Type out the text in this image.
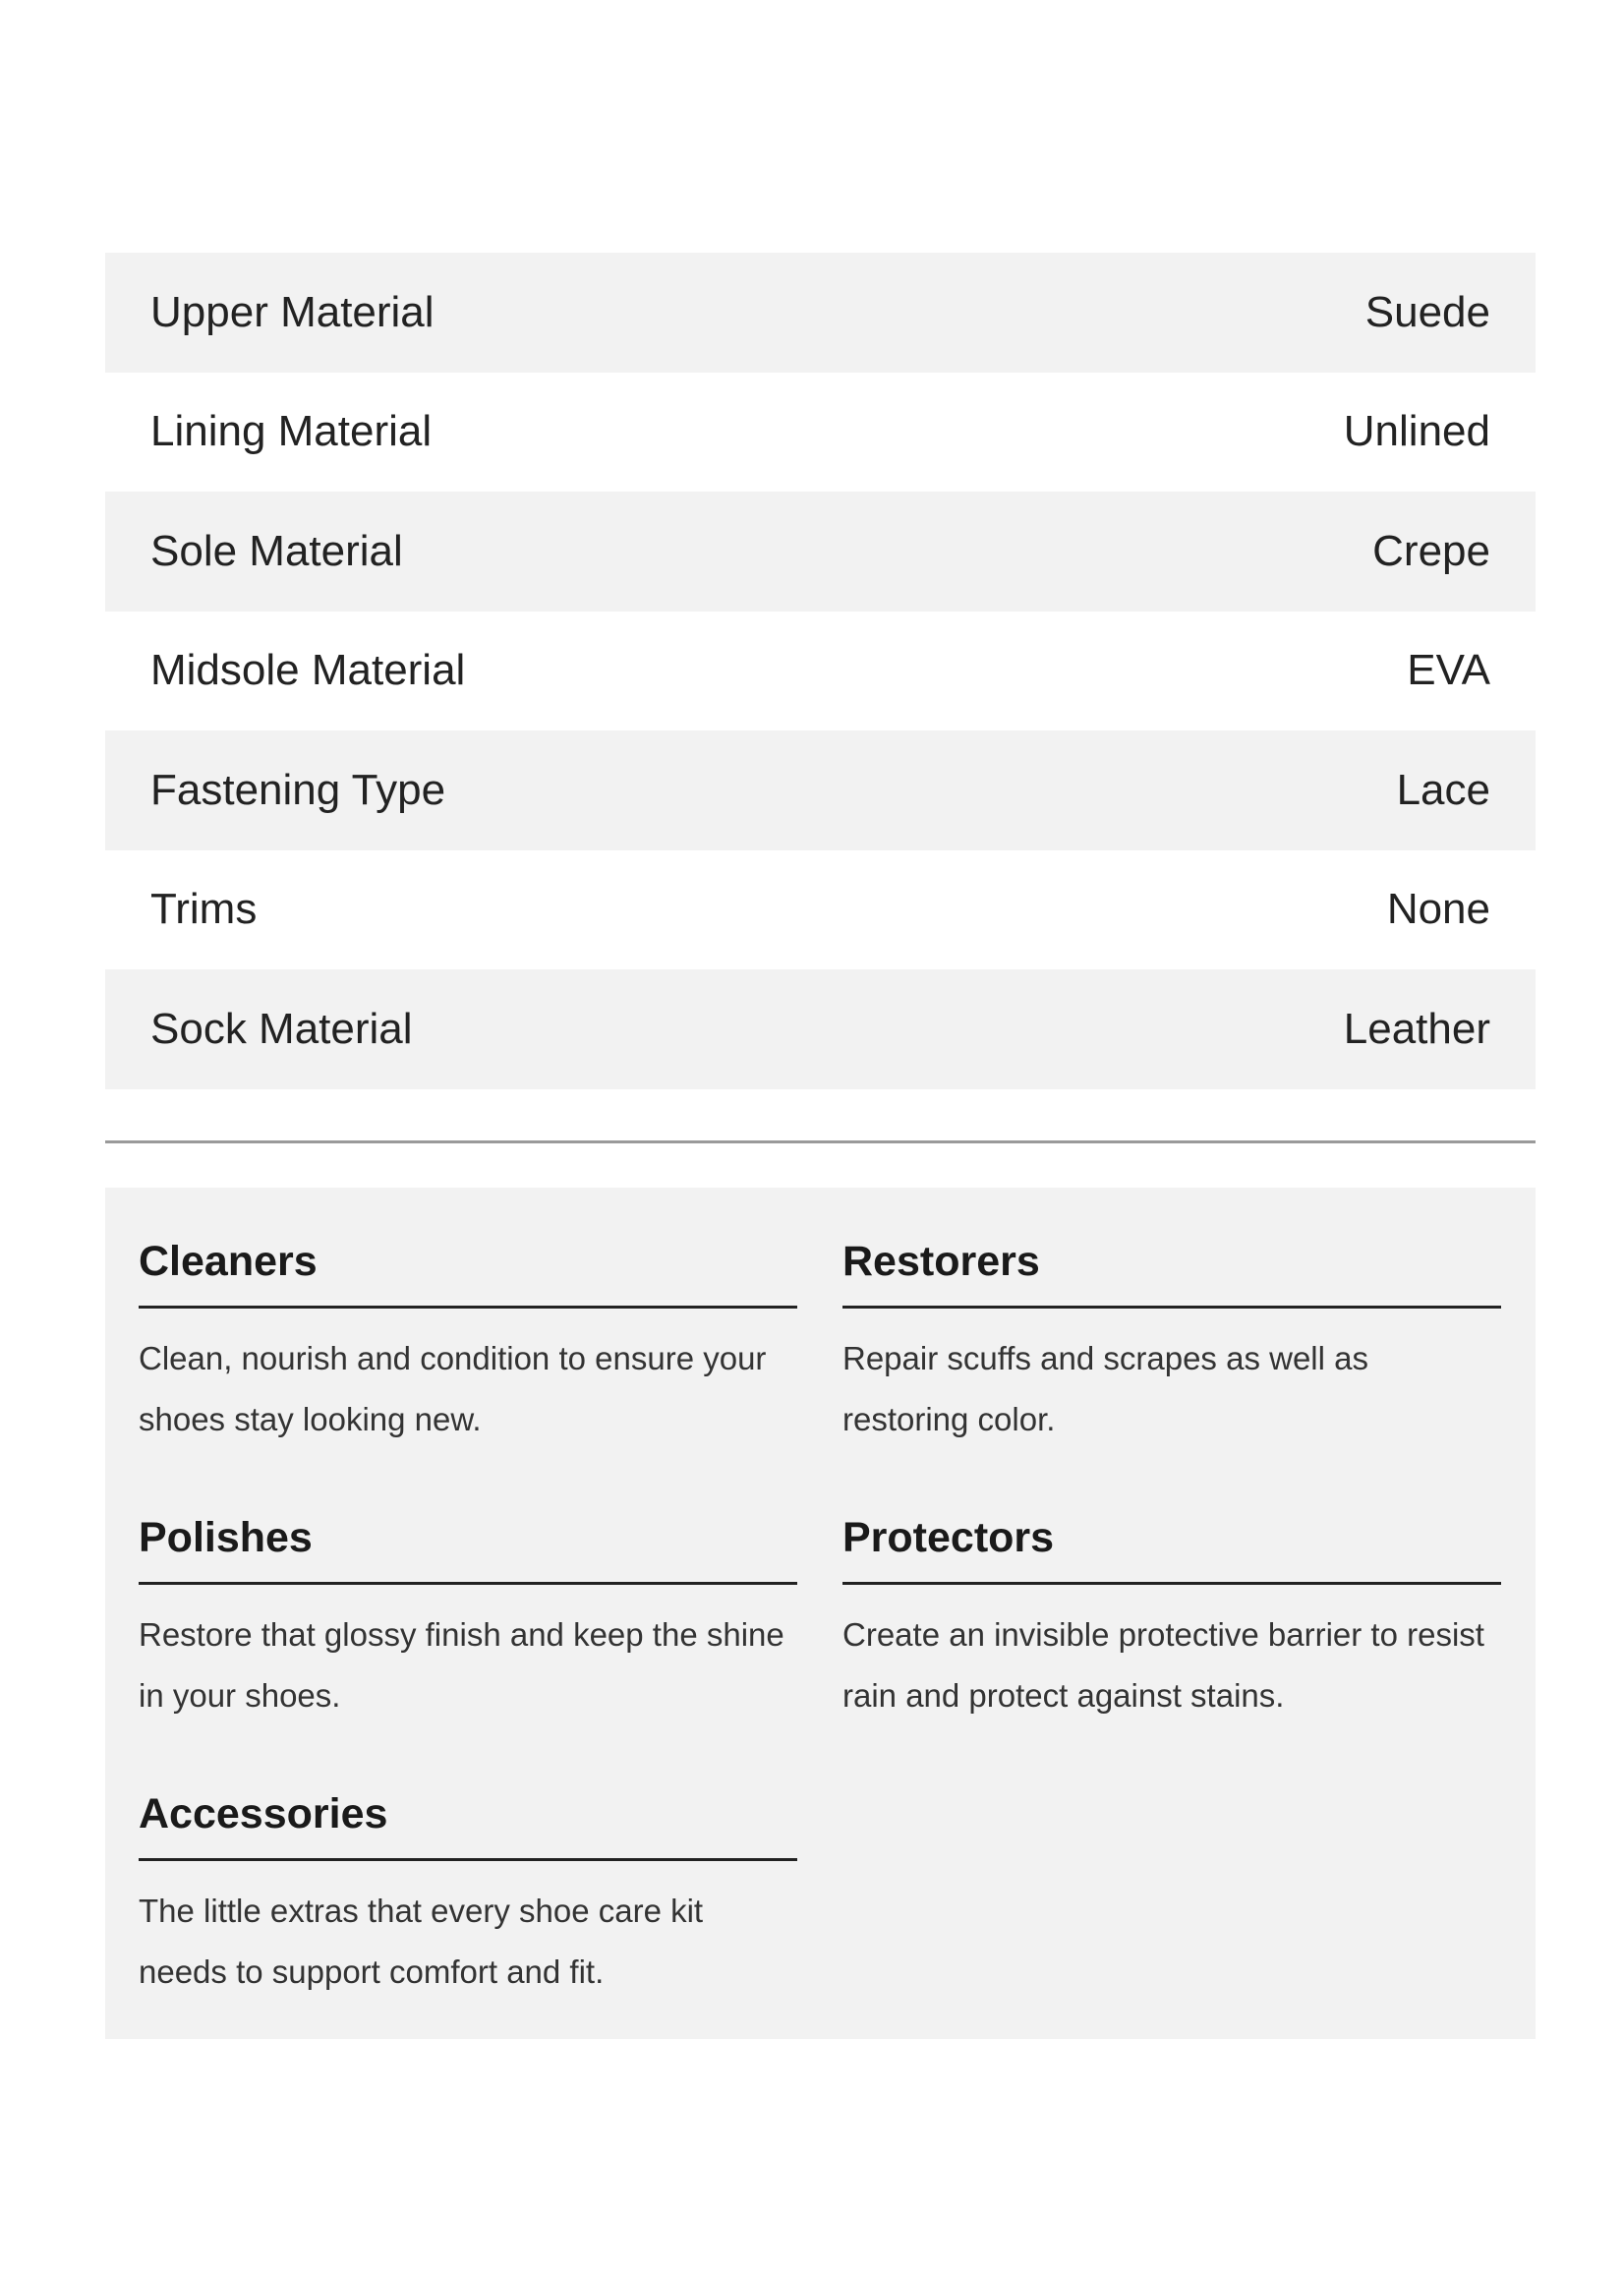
Upper Material	Suede
Lining Material	Unlined
Sole Material	Crepe
Midsole Material	EVA
Fastening Type	Lace
Trims	None
Sock Material	Leather
Cleaners
Clean, nourish and condition to ensure your shoes stay looking new.
Restorers
Repair scuffs and scrapes as well as restoring color.
Polishes
Restore that glossy finish and keep the shine in your shoes.
Protectors
Create an invisible protective barrier to resist rain and protect against stains.
Accessories
The little extras that every shoe care kit needs to support comfort and fit.
